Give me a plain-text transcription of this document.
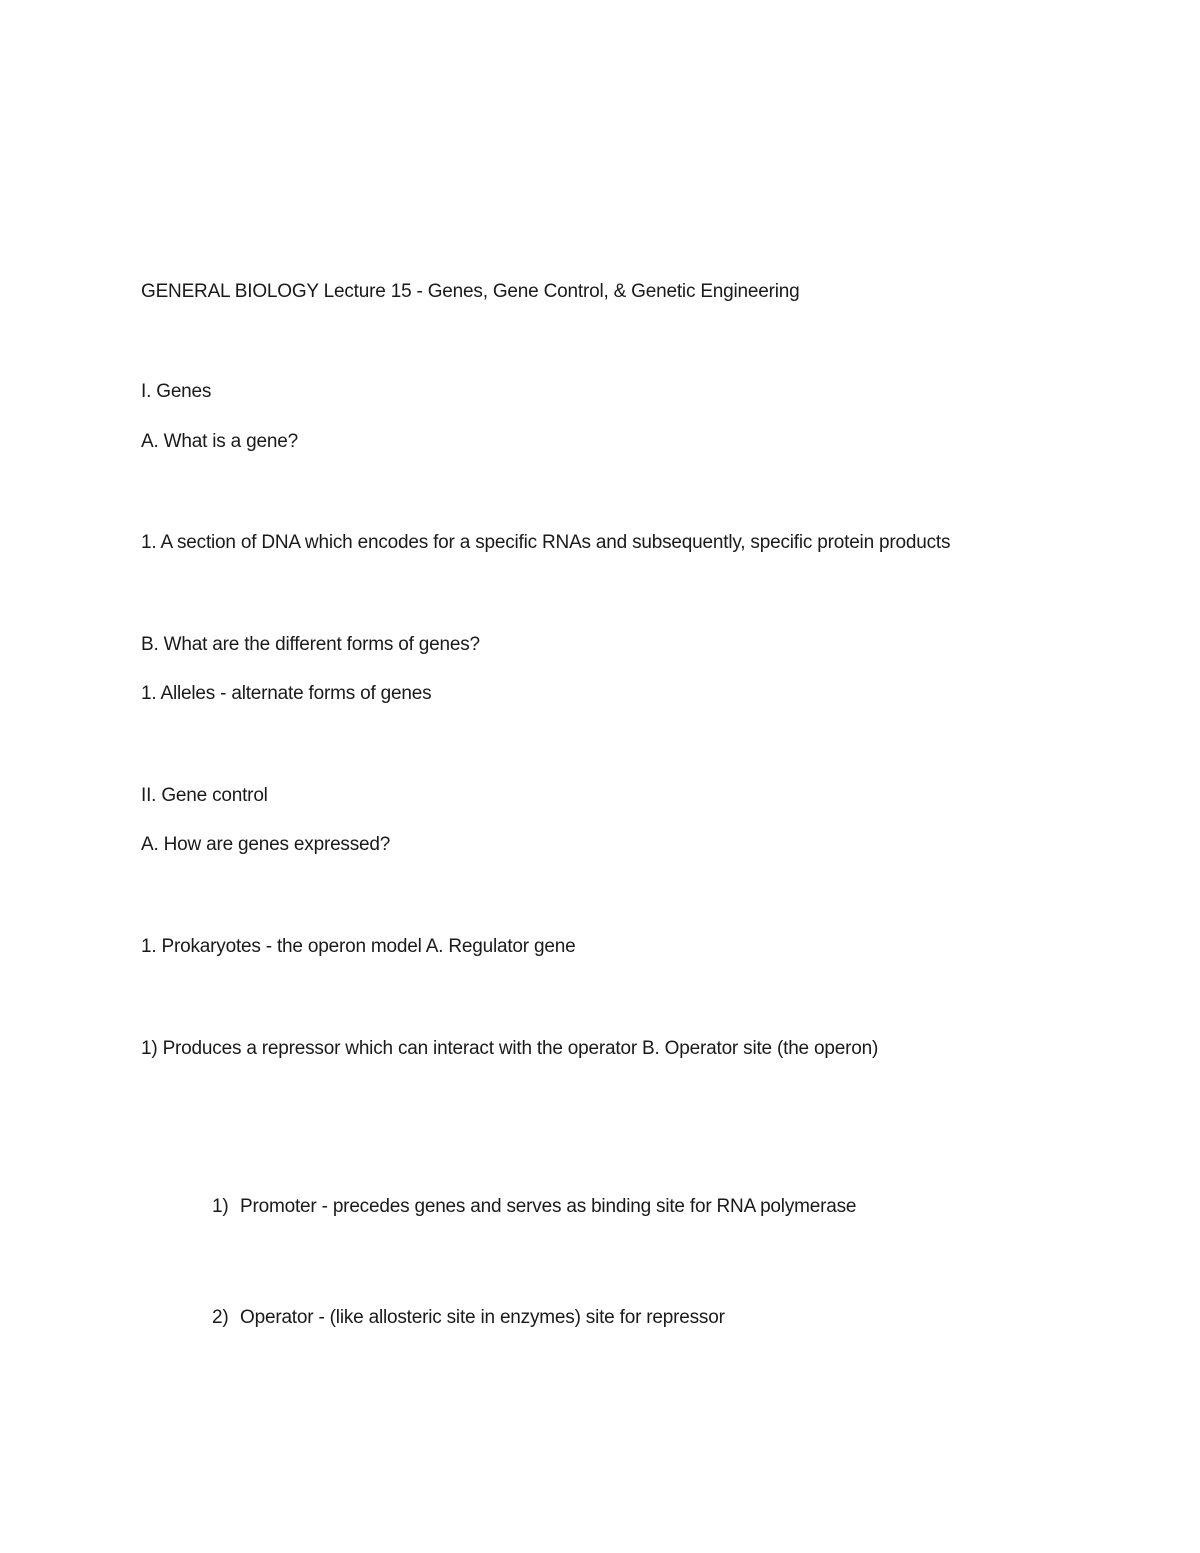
GENERAL BIOLOGY Lecture 15 - Genes, Gene Control, & Genetic Engineering
I. Genes
A. What is a gene?
1. A section of DNA which encodes for a specific RNAs and subsequently, specific protein products
B. What are the different forms of genes?
1. Alleles - alternate forms of genes
II. Gene control
A. How are genes expressed?
1. Prokaryotes - the operon model A. Regulator gene
1) Produces a repressor which can interact with the operator B. Operator site (the operon)
1) Promoter - precedes genes and serves as binding site for RNA polymerase
2) Operator - (like allosteric site in enzymes) site for repressor
